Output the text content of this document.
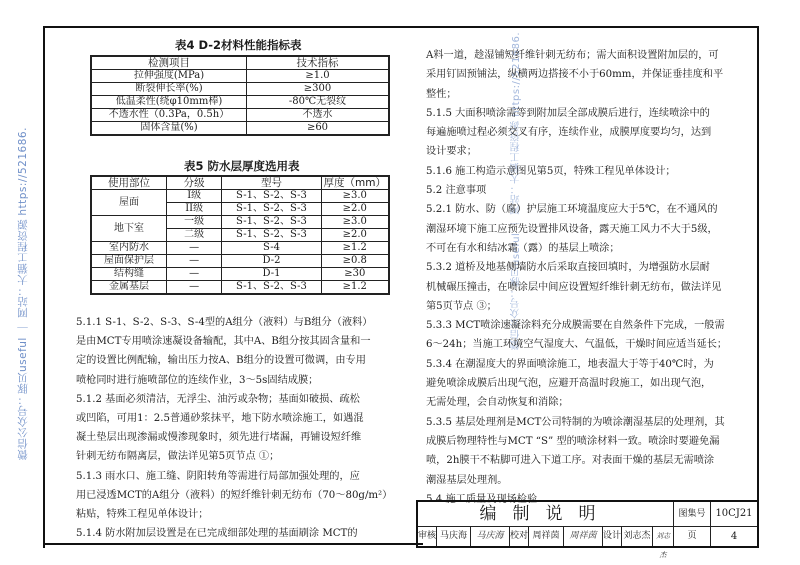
微信公众号：豚贝useful ｜ 网站：大猫工程资源 https://521686.	微信公众号：豚贝useful ｜ 网站：大猫工程资源 https://521686.
表4 D-2材料性能指标表
检测项目	技术指标
拉伸强度(MPa)	≥1.0
断裂伸长率(%)	≥300
低温柔性(绕φ10mm棒)	-80℃无裂纹
不透水性（0.3Pa，0.5h）	不透水
固体含量(%)	≥60
表5 防水层厚度选用表
使用部位	分级	型号	厚度（mm）
屋面	I级	S-1、S-2、S-3	≥3.0
	II级	S-1、S-2、S-3	≥2.0
地下室	一级	S-1、S-2、S-3	≥3.0
	二级	S-1、S-2、S-3	≥2.0
室内防水	—	S-4	≥1.2
屋面保护层	—	D-2	≥0.8
结构缝	—	D-1	≥30
金属基层	—	S-1、S-2、S-3	≥1.2

5.1.1 S-1、S-2、S-3、S-4型的A组分（液料）与B组分（液料）

是由MCT专用喷涂速凝设备输配，其中A、B组分按其固含量和一

定的设置比例配输，输出压力按A、B组分的设置可微调，由专用

喷枪同时进行施喷部位的连续作业，3～5s固结成膜；

5.1.2 基面必须清洁，无浮尘、油污或杂物；基面如破损、疏松

或凹陷，可用1：2.5普通砂浆抹平，地下防水喷涂施工，如遇混

凝土垫层出现渗漏或慢渗现象时，须先进行堵漏，再铺设短纤维

针刺无纺布隔离层，做法详见第5页节点 ①；

5.1.3 雨水口、施工缝、阴阳转角等需进行局部加强处理的，应

用已浸透MCT的A组分（液料）的短纤维针刺无纺布（70～80g/m²）

粘贴，特殊工程见单体设计；

5.1.4 防水附加层设置是在已完成细部处理的基面刷涂 MCT的

A料一道，趁湿铺短纤维针刺无纺布；需大面积设置附加层的，可

采用钉固预铺法，纵横两边搭接不小于60mm，并保证垂挂度和平

整性；

5.1.5 大面积喷涂需等到附加层全部成膜后进行，连续喷涂中的

每遍施喷过程必须交叉有序，连续作业，成膜厚度要均匀，达到

设计要求；

5.1.6 施工构造示意图见第5页，特殊工程见单体设计；

5.2 注意事项

5.2.1 防水、防（腐）护层施工环境温度应大于5℃，在不通风的

潮湿环境下施工应预先设置排风设备，露天施工风力不大于5级，

不可在有水和结冰霜（露）的基层上喷涂；

5.3.2 道桥及地基侧墙防水后采取直接回填时，为增强防水层耐

机械碾压撞击，在喷涂层中间应设置短纤维针刺无纺布，做法详见

第5页节点 ③；

5.3.3 MCT喷涂速凝涂料充分成膜需要在自然条件下完成，一般需

6～24h；当施工环境空气湿度大、气温低，干燥时间应适当延长；

5.3.4 在潮湿度大的界面喷涂施工，地表温大于等于40℃时，为

避免喷涂成膜后出现气泡，应避开高温时段施工，如出现气泡，

无需处理，会自动恢复和消除；

5.3.5 基层处理剂是MCT公司特制的为喷涂潮湿基层的处理剂，其

成膜后物理特性与MCT “S” 型的喷涂材料一致。喷涂时要避免漏

喷，2h膜干不粘脚可进入下道工序。对表面干燥的基层无需喷涂

潮湿基层处理剂。

5.4 施工质量及现场检验

编制说明	图集号 10CJ21
审核 马庆海	马庆海 校对 周祥茵	周祥茵 设计 刘志杰 刘志杰
页	4
